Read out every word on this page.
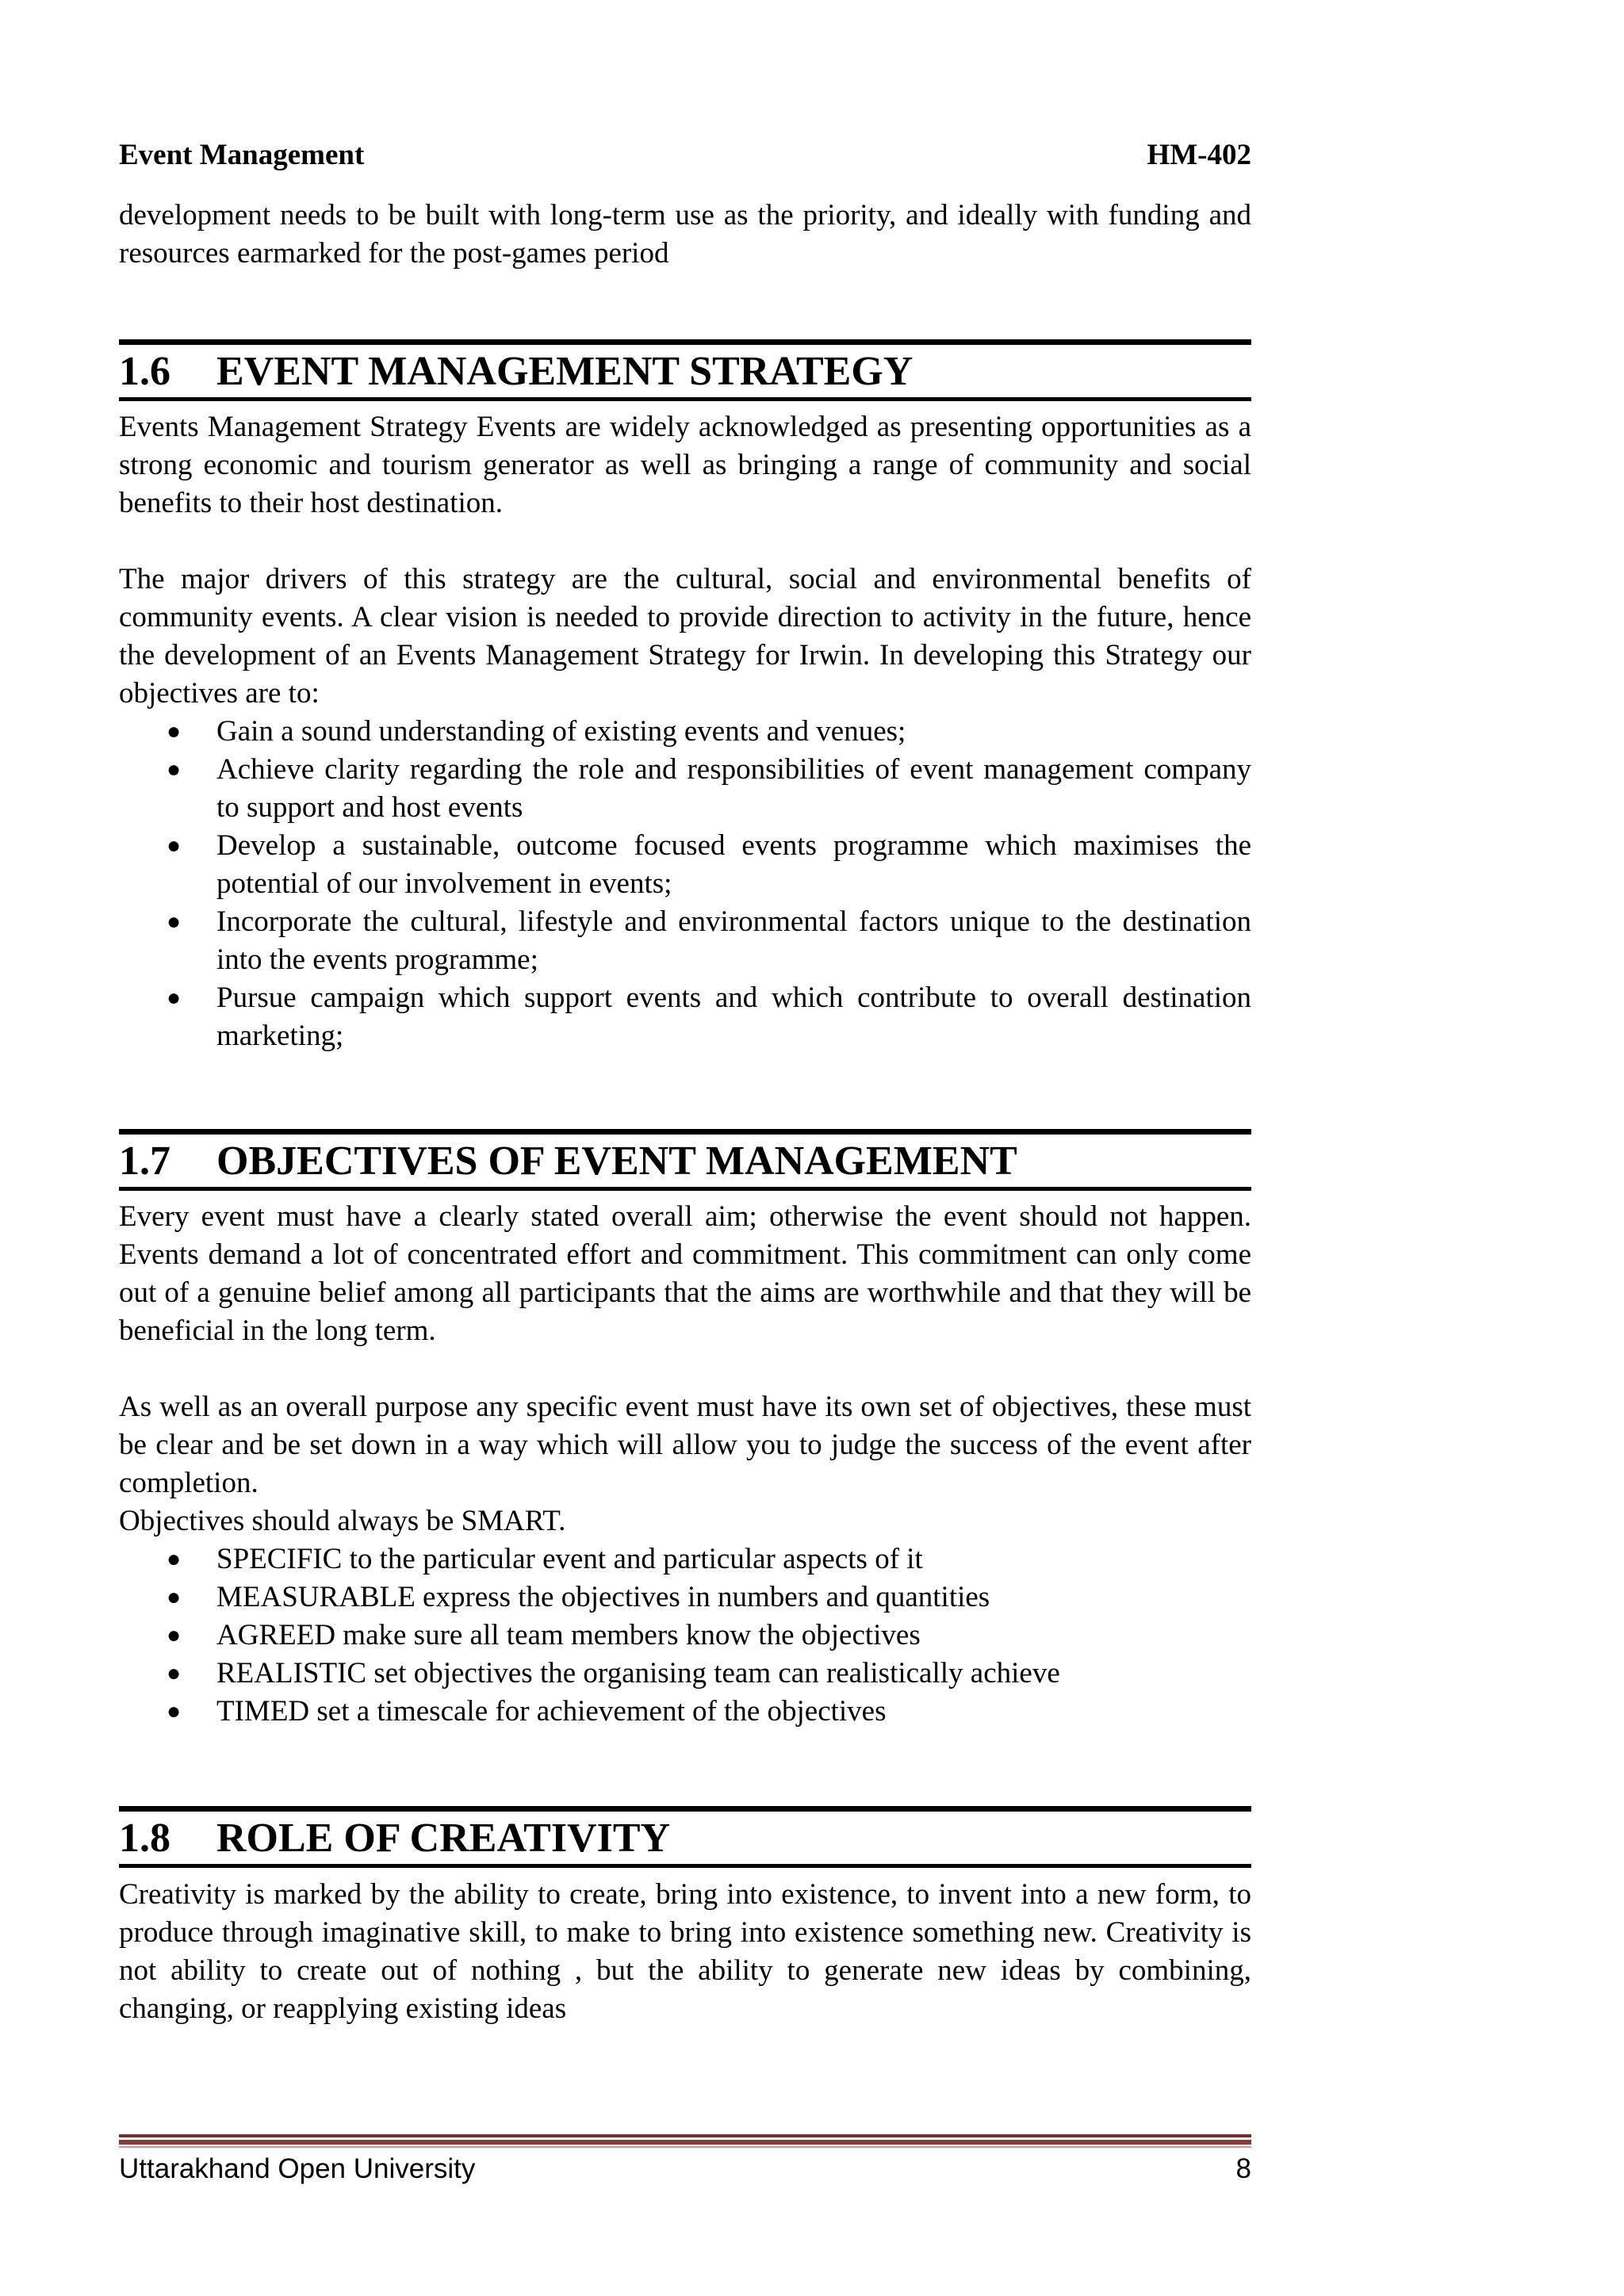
Event Management	HM-402

development needs to be built with long-term use as the priority, and ideally with funding and resources earmarked for the post-games period

1.6 EVENT MANAGEMENT STRATEGY

Events Management Strategy Events are widely acknowledged as presenting opportunities as a strong economic and tourism generator as well as bringing a range of community and social benefits to their host destination.

The major drivers of this strategy are the cultural, social and environmental benefits of community events. A clear vision is needed to provide direction to activity in the future, hence the development of an Events Management Strategy for Irwin. In developing this Strategy our objectives are to:

● Gain a sound understanding of existing events and venues;
● Achieve clarity regarding the role and responsibilities of event management company to support and host events
● Develop a sustainable, outcome focused events programme which maximises the potential of our involvement in events;
● Incorporate the cultural, lifestyle and environmental factors unique to the destination into the events programme;
● Pursue campaign which support events and which contribute to overall destination marketing;
1.7 OBJECTIVES OF EVENT MANAGEMENT

Every event must have a clearly stated overall aim; otherwise the event should not happen. Events demand a lot of concentrated effort and commitment. This commitment can only come out of a genuine belief among all participants that the aims are worthwhile and that they will be beneficial in the long term.

As well as an overall purpose any specific event must have its own set of objectives, these must be clear and be set down in a way which will allow you to judge the success of the event after completion.

Objectives should always be SMART.

● SPECIFIC to the particular event and particular aspects of it
● MEASURABLE express the objectives in numbers and quantities
● AGREED make sure all team members know the objectives
● REALISTIC set objectives the organising team can realistically achieve
● TIMED set a timescale for achievement of the objectives
1.8 ROLE OF CREATIVITY

Creativity is marked by the ability to create, bring into existence, to invent into a new form, to produce through imaginative skill, to make to bring into existence something new. Creativity is not ability to create out of nothing , but the ability to generate new ideas by combining, changing, or reapplying existing ideas

Uttarakhand Open University	8
